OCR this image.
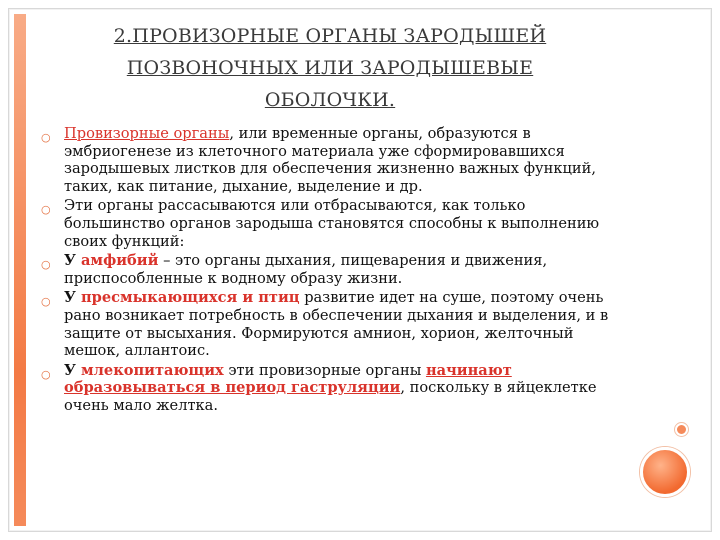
2.ПРОВИЗОРНЫЕ ОРГАНЫ ЗАРОДЫШЕЙ
ПОЗВОНОЧНЫХ ИЛИ ЗАРОДЫШЕВЫЕ
ОБОЛОЧКИ.
○ Провизорные органы, или временные органы, образуются в эмбриогенезе из клеточного материала уже сформировавшихся зародышевых листков для обеспечения жизненно важных функций, таких, как питание, дыхание, выделение и др.
○ Эти органы рассасываются или отбрасываются, как только большинство органов зародыша становятся способны к выполнению своих функций:
○ У амфибий – это органы дыхания, пищеварения и движения, приспособленные к водному образу жизни.
○ У пресмыкающихся и птиц развитие идет на суше, поэтому очень рано возникает потребность в обеспечении дыхания и выделения, и в защите от высыхания. Формируются амнион, хорион, желточный мешок, аллантоис.
○ У млекопитающих эти провизорные органы начинают образовываться в период гаструляции, поскольку в яйцеклетке очень мало желтка.
